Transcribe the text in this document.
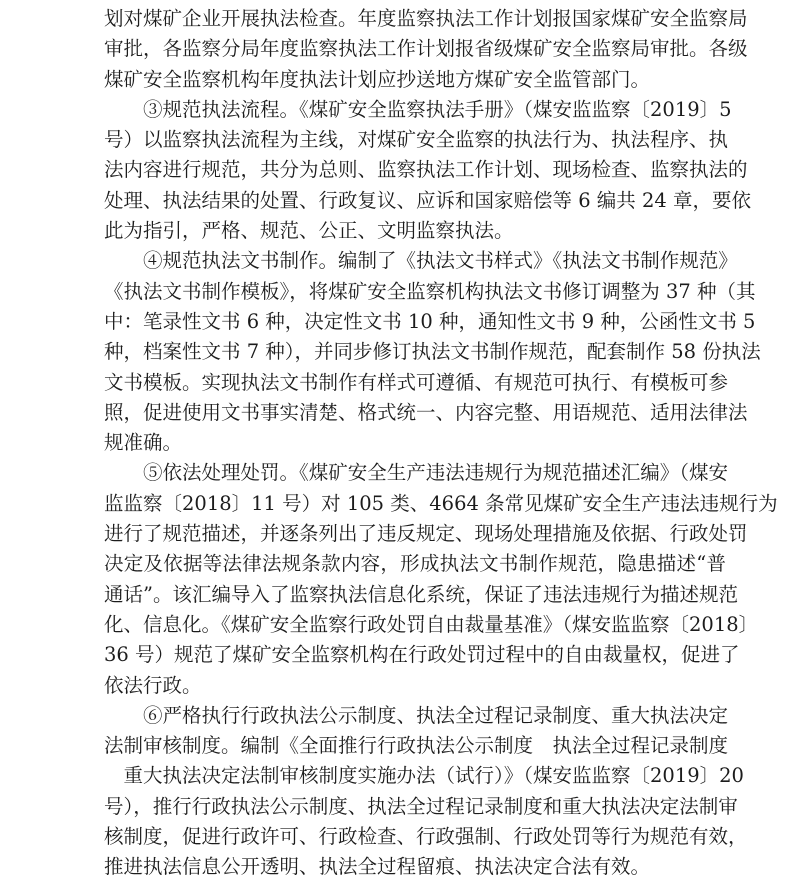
划对煤矿企业开展执法检查。年度监察执法工作计划报国家煤矿安全监察局
审批，各监察分局年度监察执法工作计划报省级煤矿安全监察局审批。各级
煤矿安全监察机构年度执法计划应抄送地方煤矿安全监管部门。
③规范执法流程。《煤矿安全监察执法手册》（煤安监监察〔2019〕5
号）以监察执法流程为主线，对煤矿安全监察的执法行为、执法程序、执
法内容进行规范，共分为总则、监察执法工作计划、现场检查、监察执法的
处理、执法结果的处置、行政复议、应诉和国家赔偿等 6 编共 24 章，要依
此为指引，严格、规范、公正、文明监察执法。
④规范执法文书制作。编制了《执法文书样式》《执法文书制作规范》
《执法文书制作模板》，将煤矿安全监察机构执法文书修订调整为 37 种（其
中：笔录性文书 6 种，决定性文书 10 种，通知性文书 9 种，公函性文书 5
种，档案性文书 7 种），并同步修订执法文书制作规范，配套制作 58 份执法
文书模板。实现执法文书制作有样式可遵循、有规范可执行、有模板可参
照，促进使用文书事实清楚、格式统一、内容完整、用语规范、适用法律法
规准确。
⑤依法处理处罚。《煤矿安全生产违法违规行为规范描述汇编》（煤安
监监察〔2018〕11 号）对 105 类、4664 条常见煤矿安全生产违法违规行为
进行了规范描述，并逐条列出了违反规定、现场处理措施及依据、行政处罚
决定及依据等法律法规条款内容，形成执法文书制作规范，隐患描述“普
通话”。该汇编导入了监察执法信息化系统，保证了违法违规行为描述规范
化、信息化。《煤矿安全监察行政处罚自由裁量基准》（煤安监监察〔2018〕
36 号）规范了煤矿安全监察机构在行政处罚过程中的自由裁量权，促进了
依法行政。
⑥严格执行行政执法公示制度、执法全过程记录制度、重大执法决定
法制审核制度。编制《全面推行行政执法公示制度　执法全过程记录制度
　重大执法决定法制审核制度实施办法（试行）》（煤安监监察〔2019〕20
号），推行行政执法公示制度、执法全过程记录制度和重大执法决定法制审
核制度，促进行政许可、行政检查、行政强制、行政处罚等行为规范有效，
推进执法信息公开透明、执法全过程留痕、执法决定合法有效。
